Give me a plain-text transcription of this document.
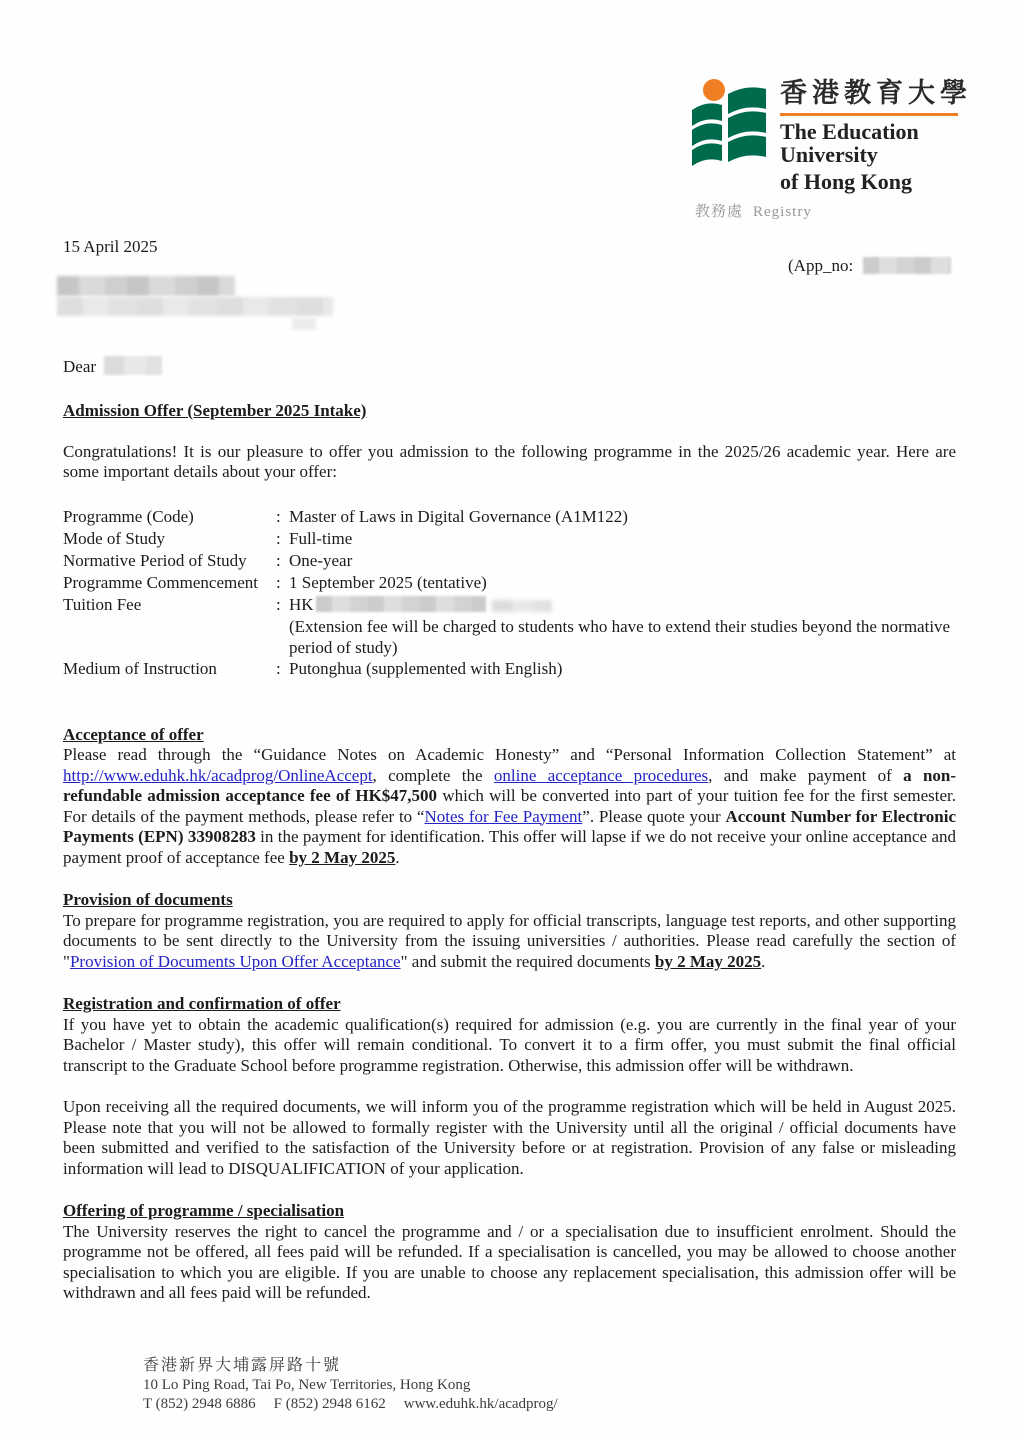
香港教育大學
The Education University
of Hong Kong
教務處 Registry
15 April 2025
(App_no:
Dear
Admission Offer (September 2025 Intake)

Congratulations! It is our pleasure to offer you admission to the following programme in the 2025/26 academic year. Here are some important details about your offer:

Programme (Code)	: Master of Laws in Digital Governance (A1M122)
Mode of Study	: Full-time
Normative Period of Study	: One-year
Programme Commencement	: 1 September 2025 (tentative)
Tuition Fee	: HK
(Extension fee will be charged to students who have to extend their studies beyond the normative period of study)
Medium of Instruction	: Putonghua (supplemented with English)
Acceptance of offer

Please read through the “Guidance Notes on Academic Honesty” and “Personal Information Collection Statement” at http://www.eduhk.hk/acadprog/OnlineAccept, complete the online acceptance procedures, and make payment of a non-refundable admission acceptance fee of HK$47,500 which will be converted into part of your tuition fee for the first semester. For details of the payment methods, please refer to “Notes for Fee Payment”. Please quote your Account Number for Electronic Payments (EPN) 33908283 in the payment for identification. This offer will lapse if we do not receive your online acceptance and payment proof of acceptance fee by 2 May 2025.

Provision of documents

To prepare for programme registration, you are required to apply for official transcripts, language test reports, and other supporting documents to be sent directly to the University from the issuing universities / authorities. Please read carefully the section of "Provision of Documents Upon Offer Acceptance" and submit the required documents by 2 May 2025.

Registration and confirmation of offer

If you have yet to obtain the academic qualification(s) required for admission (e.g. you are currently in the final year of your Bachelor / Master study), this offer will remain conditional. To convert it to a firm offer, you must submit the final official transcript to the Graduate School before programme registration. Otherwise, this admission offer will be withdrawn.

Upon receiving all the required documents, we will inform you of the programme registration which will be held in August 2025. Please note that you will not be allowed to formally register with the University until all the original / official documents have been submitted and verified to the satisfaction of the University before or at registration. Provision of any false or misleading information will lead to DISQUALIFICATION of your application.

Offering of programme / specialisation

The University reserves the right to cancel the programme and / or a specialisation due to insufficient enrolment. Should the programme not be offered, all fees paid will be refunded. If a specialisation is cancelled, you may be allowed to choose another specialisation to which you are eligible. If you are unable to choose any replacement specialisation, this admission offer will be withdrawn and all fees paid will be refunded.

香港新界大埔露屏路十號
10 Lo Ping Road, Tai Po, New Territories, Hong Kong
T (852) 2948 6886 F (852) 2948 6162 www.eduhk.hk/acadprog/
